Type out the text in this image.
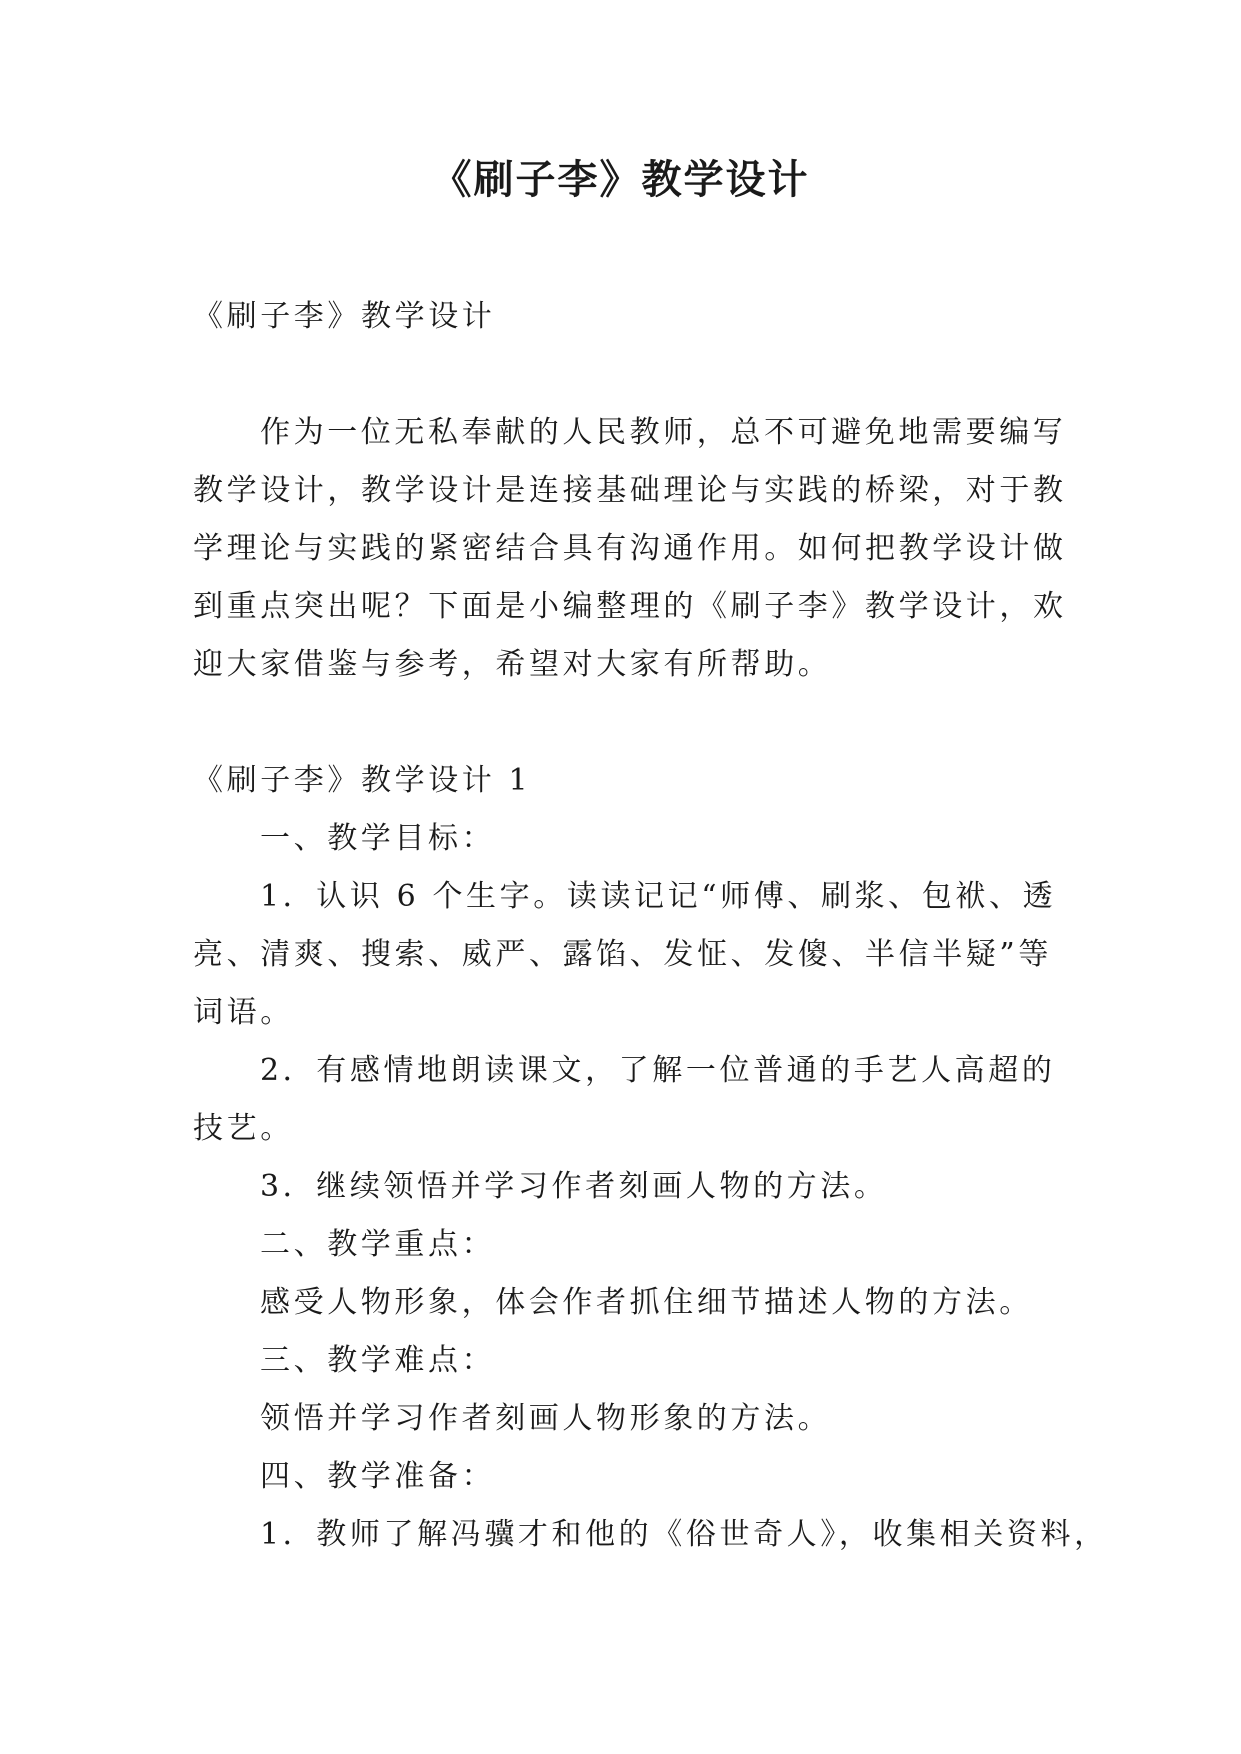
《刷子李》教学设计

《刷子李》教学设计

作为一位无私奉献的人民教师，总不可避免地需要编写

教学设计，教学设计是连接基础理论与实践的桥梁，对于教

学理论与实践的紧密结合具有沟通作用。如何把教学设计做

到重点突出呢？下面是小编整理的《刷子李》教学设计，欢

迎大家借鉴与参考，希望对大家有所帮助。

《刷子李》教学设计 1

一、教学目标：

1．认识 6 个生字。读读记记“师傅、刷浆、包袱、透

亮、清爽、搜索、威严、露馅、发怔、发傻、半信半疑”等

词语。

2．有感情地朗读课文，了解一位普通的手艺人高超的

技艺。

3．继续领悟并学习作者刻画人物的方法。

二、教学重点：

感受人物形象，体会作者抓住细节描述人物的方法。

三、教学难点：

领悟并学习作者刻画人物形象的方法。

四、教学准备：

1．教师了解冯骥才和他的《俗世奇人》，收集相关资料，
